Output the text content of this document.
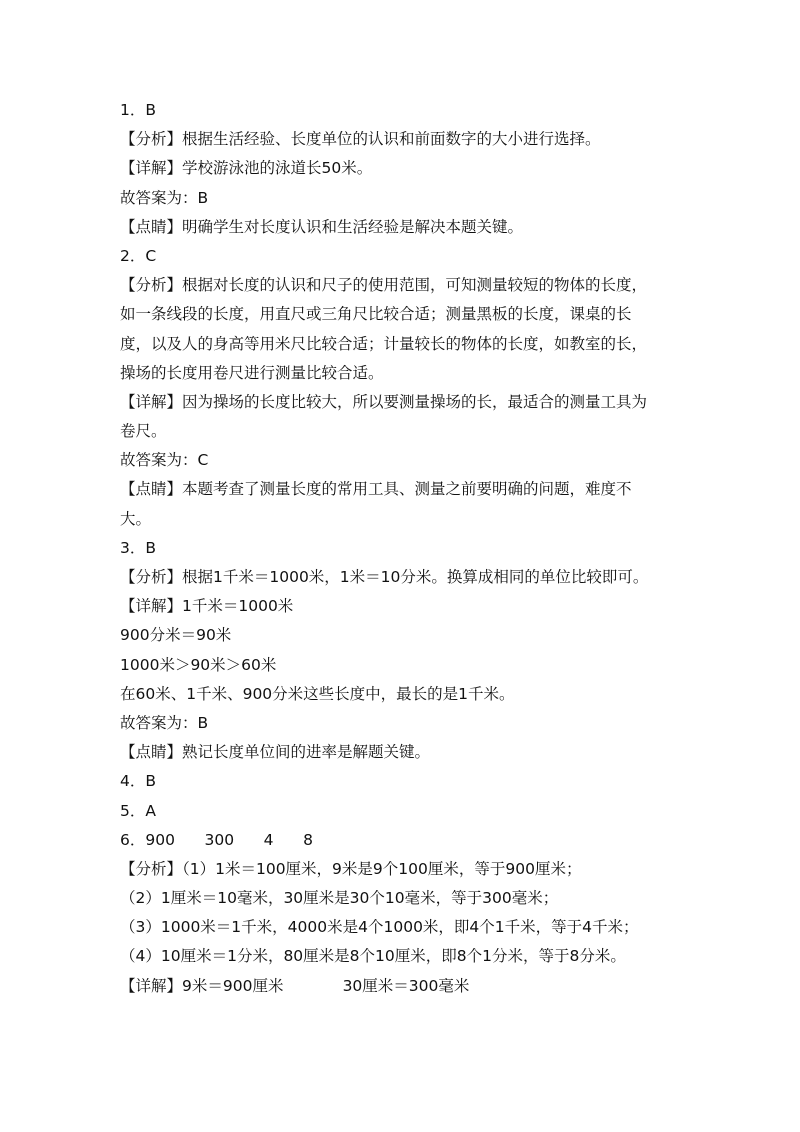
1．B
【分析】根据生活经验、长度单位的认识和前面数字的大小进行选择。
【详解】学校游泳池的泳道长50米。
故答案为：B
【点睛】明确学生对长度认识和生活经验是解决本题关键。
2．C
【分析】根据对长度的认识和尺子的使用范围，可知测量较短的物体的长度，
如一条线段的长度，用直尺或三角尺比较合适；测量黑板的长度，课桌的长
度，以及人的身高等用米尺比较合适；计量较长的物体的长度，如教室的长，
操场的长度用卷尺进行测量比较合适。
【详解】因为操场的长度比较大，所以要测量操场的长，最适合的测量工具为
卷尺。
故答案为：C
【点睛】本题考查了测量长度的常用工具、测量之前要明确的问题，难度不
大。
3．B
【分析】根据1千米＝1000米，1米＝10分米。换算成相同的单位比较即可。
【详解】1千米＝1000米
900分米＝90米
1000米＞90米＞60米
在60米、1千米、900分米这些长度中，最长的是1千米。
故答案为：B
【点睛】熟记长度单位间的进率是解题关键。
4．B
5．A
6．900      300      4      8
【分析】（1）1米＝100厘米，9米是9个100厘米，等于900厘米；
（2）1厘米＝10毫米，30厘米是30个10毫米，等于300毫米；
（3）1000米＝1千米，4000米是4个1000米，即4个1千米，等于4千米；
（4）10厘米＝1分米，80厘米是8个10厘米，即8个1分米，等于8分米。
【详解】9米＝900厘米            30厘米＝300毫米
